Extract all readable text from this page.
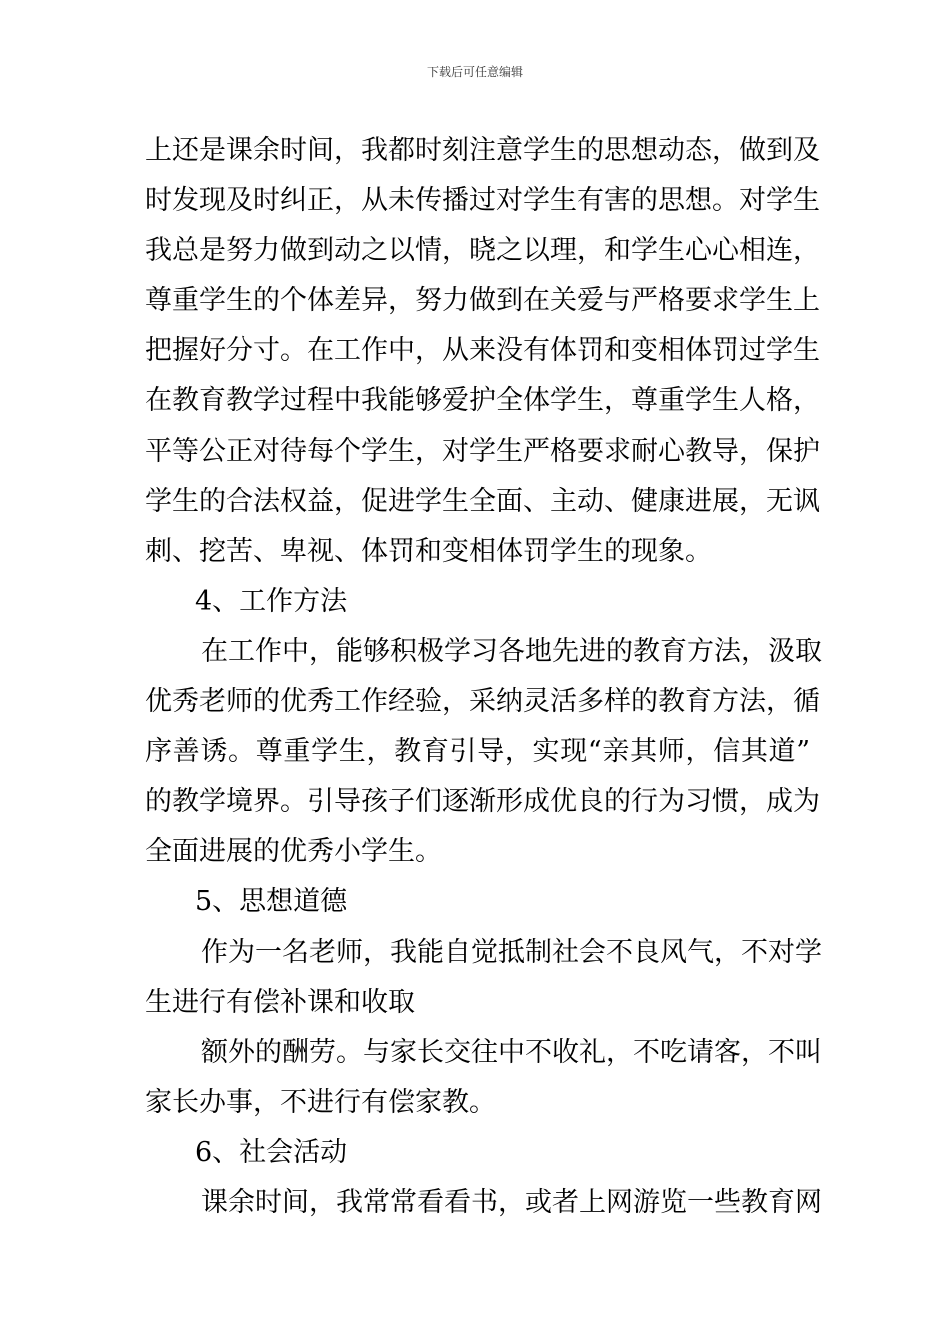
下载后可任意编辑
上还是课余时间，我都时刻注意学生的思想动态，做到及
时发现及时纠正，从未传播过对学生有害的思想。对学生
我总是努力做到动之以情，晓之以理，和学生心心相连，
尊重学生的个体差异，努力做到在关爱与严格要求学生上
把握好分寸。在工作中，从来没有体罚和变相体罚过学生
在教育教学过程中我能够爱护全体学生，尊重学生人格，
平等公正对待每个学生，对学生严格要求耐心教导，保护
学生的合法权益，促进学生全面、主动、健康进展，无讽
刺、挖苦、卑视、体罚和变相体罚学生的现象。
4、工作方法
在工作中，能够积极学习各地先进的教育方法，汲取
优秀老师的优秀工作经验，采纳灵活多样的教育方法，循
序善诱。尊重学生，教育引导，实现“亲其师，信其道”
的教学境界。引导孩子们逐渐形成优良的行为习惯，成为
全面进展的优秀小学生。
5、思想道德
作为一名老师，我能自觉抵制社会不良风气，不对学
生进行有偿补课和收取
额外的酬劳。与家长交往中不收礼，不吃请客，不叫
家长办事，不进行有偿家教。
6、社会活动
课余时间，我常常看看书，或者上网游览一些教育网
